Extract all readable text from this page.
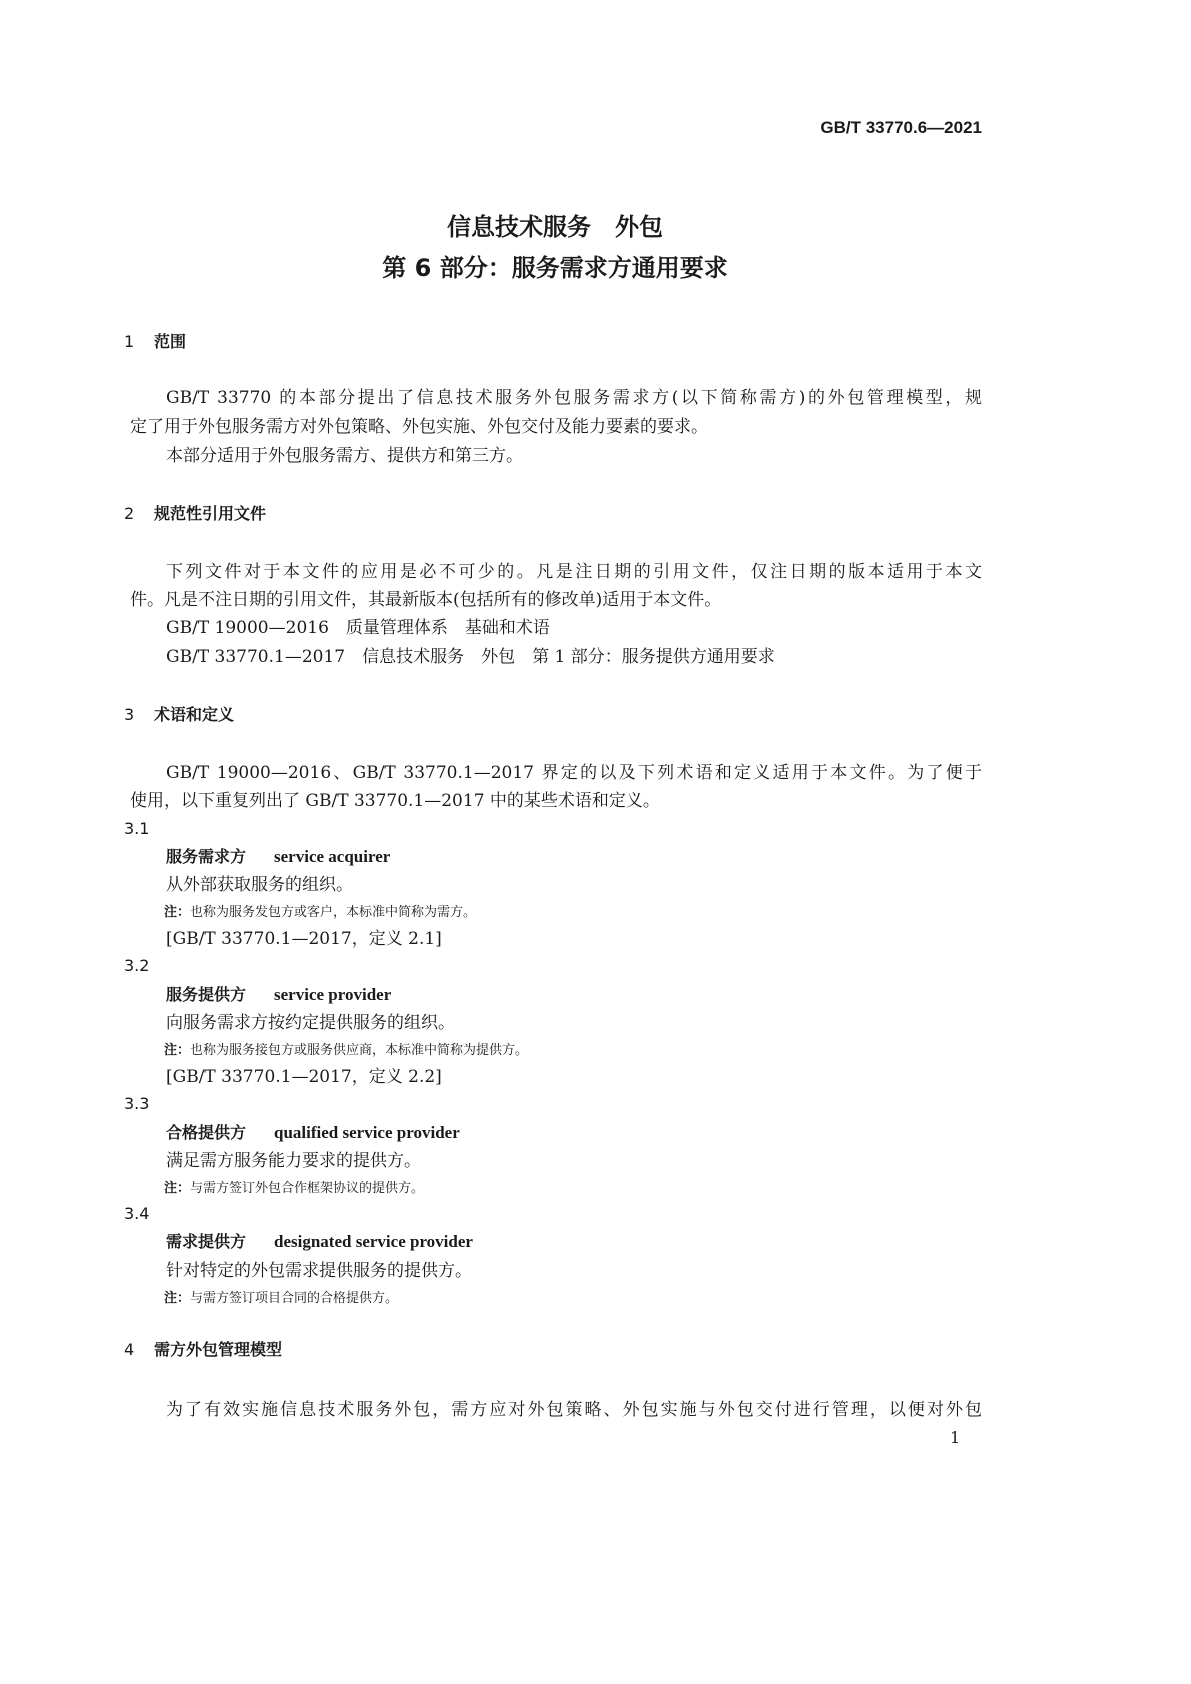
GB/T 33770.6—2021
信息技术服务　外包
第 6 部分：服务需求方通用要求
1 范围
GB/T 33770 的本部分提出了信息技术服务外包服务需求方(以下简称需方)的外包管理模型，规
定了用于外包服务需方对外包策略、外包实施、外包交付及能力要素的要求。
本部分适用于外包服务需方、提供方和第三方。
2 规范性引用文件
下列文件对于本文件的应用是必不可少的。凡是注日期的引用文件，仅注日期的版本适用于本文
件。凡是不注日期的引用文件，其最新版本(包括所有的修改单)适用于本文件。
GB/T 19000—2016　质量管理体系　基础和术语
GB/T 33770.1—2017　信息技术服务　外包　第 1 部分：服务提供方通用要求
3 术语和定义
GB/T 19000—2016、GB/T 33770.1—2017 界定的以及下列术语和定义适用于本文件。为了便于
使用，以下重复列出了 GB/T 33770.1—2017 中的某些术语和定义。
3.1
服务需求方 service acquirer
从外部获取服务的组织。
注：也称为服务发包方或客户，本标准中简称为需方。
[GB/T 33770.1—2017，定义 2.1]
3.2
服务提供方 service provider
向服务需求方按约定提供服务的组织。
注：也称为服务接包方或服务供应商，本标准中简称为提供方。
[GB/T 33770.1—2017，定义 2.2]
3.3
合格提供方 qualified service provider
满足需方服务能力要求的提供方。
注：与需方签订外包合作框架协议的提供方。
3.4
需求提供方 designated service provider
针对特定的外包需求提供服务的提供方。
注：与需方签订项目合同的合格提供方。
4 需方外包管理模型
为了有效实施信息技术服务外包，需方应对外包策略、外包实施与外包交付进行管理，以便对外包
1
